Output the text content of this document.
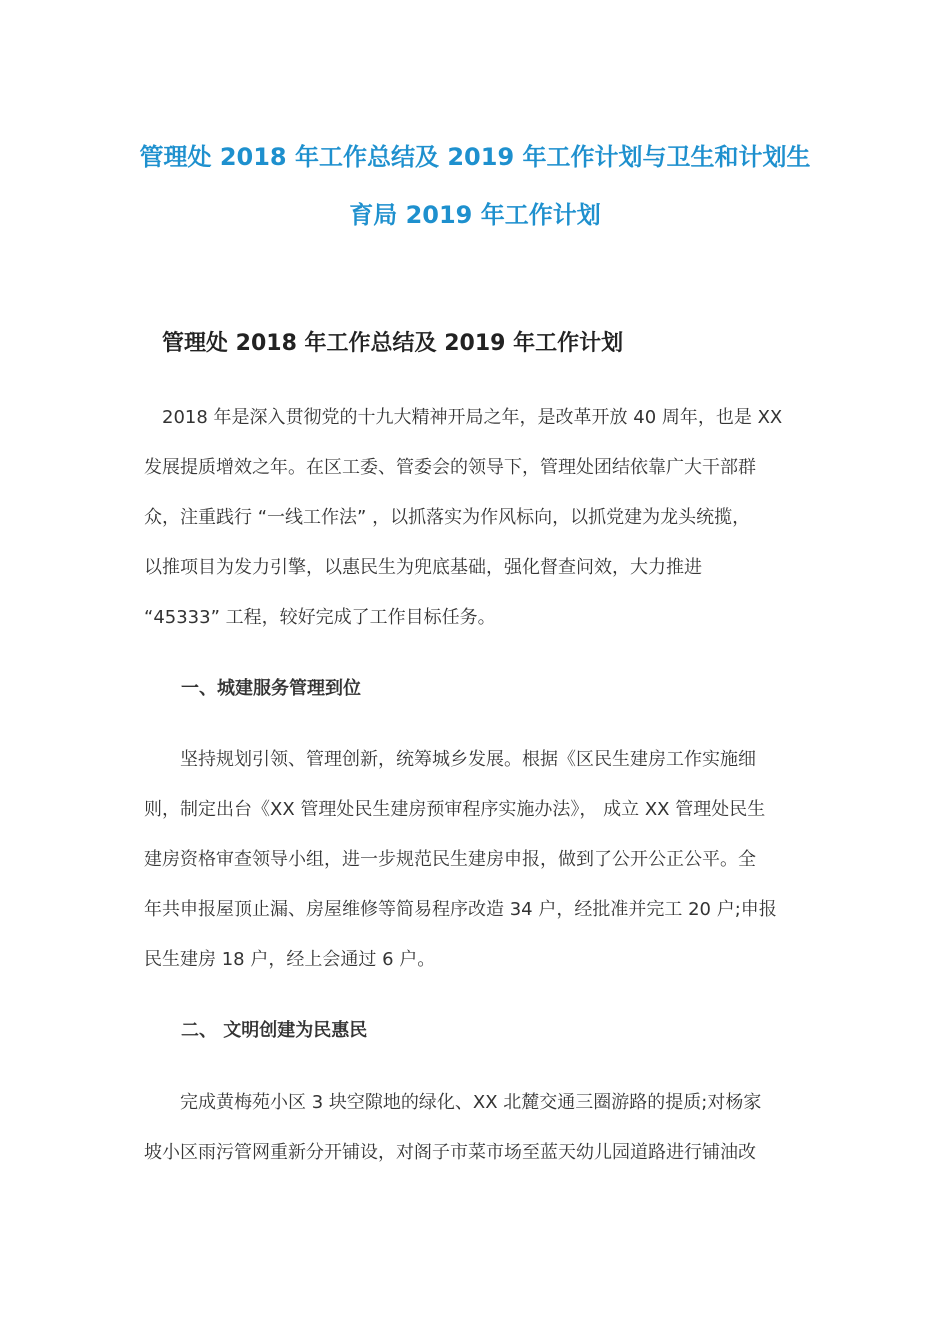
管理处 2018 年工作总结及 2019 年工作计划与卫生和计划生
育局 2019 年工作计划
管理处 2018 年工作总结及 2019 年工作计划
　2018 年是深入贯彻党的十九大精神开局之年，是改革开放 40 周年，也是 XX
发展提质增效之年。在区工委、管委会的领导下，管理处团结依靠广大干部群
众，注重践行 “一线工作法” ，以抓落实为作风标向，以抓党建为龙头统揽，
以推项目为发力引擎，以惠民生为兜底基础，强化督查问效，大力推进
“45333” 工程，较好完成了工作目标任务。
一、城建服务管理到位
　　坚持规划引领、管理创新，统筹城乡发展。根据《区民生建房工作实施细
则，制定出台《XX 管理处民生建房预审程序实施办法》， 成立 XX 管理处民生
建房资格审查领导小组，进一步规范民生建房申报，做到了公开公正公平。全
年共申报屋顶止漏、房屋维修等简易程序改造 34 户，经批准并完工 20 户;申报
民生建房 18 户，经上会通过 6 户。
二、 文明创建为民惠民
　　完成黄梅苑小区 3 块空隙地的绿化、XX 北麓交通三圈游路的提质;对杨家
坡小区雨污管网重新分开铺设，对阁子市菜市场至蓝天幼儿园道路进行铺油改
